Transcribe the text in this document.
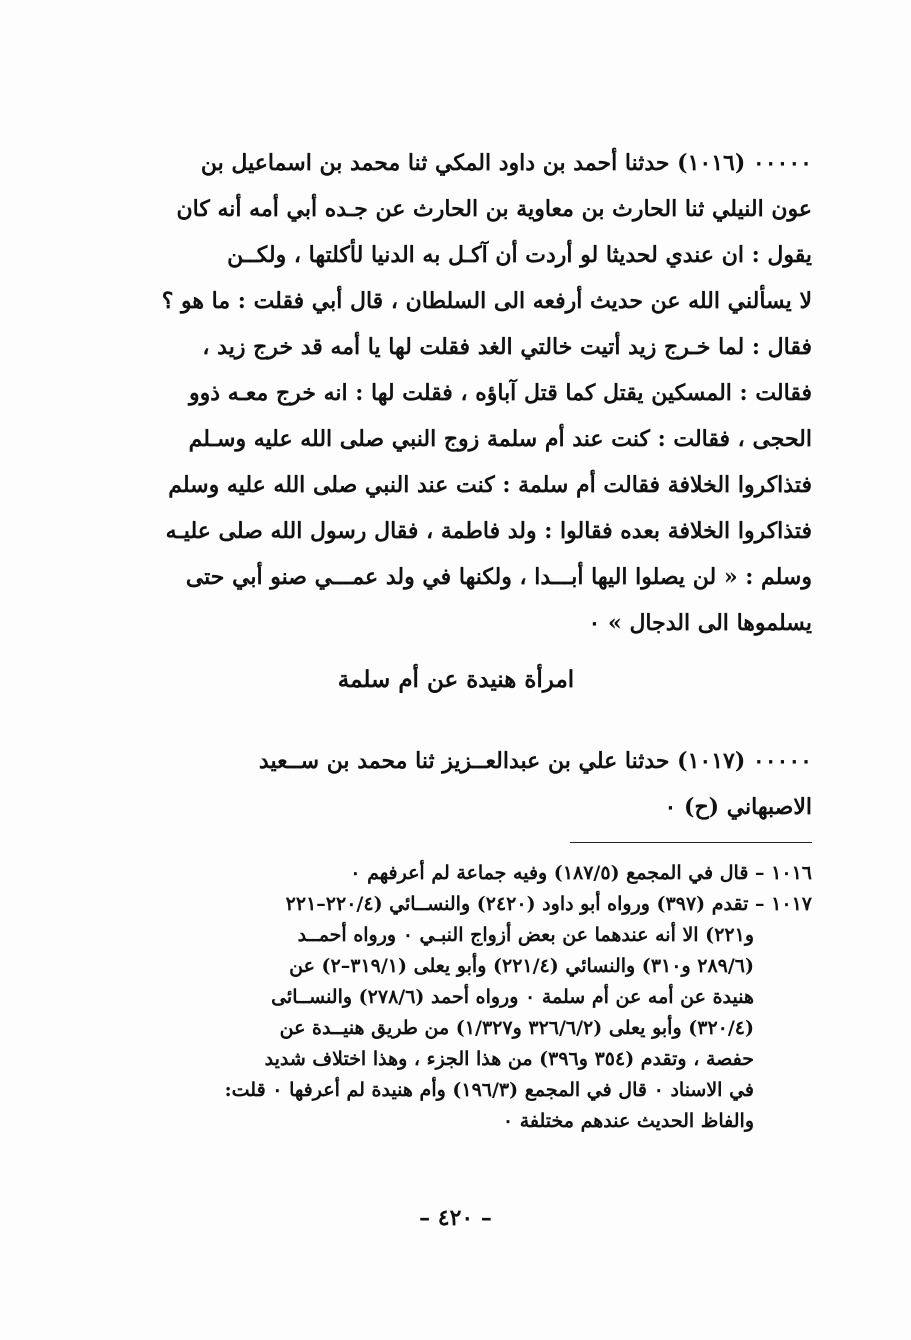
٠٠٠٠٠ (١٠١٦) حدثنا أحمد بن داود المكي ثنا محمد بن اسماعيل بن
عون النيلي ثنا الحارث بن معاوية بن الحارث عن جـده أبي أمه أنه كان
يقول : ان عندي لحديثا لو أردت أن آكـل به الدنيا لأكلتها ، ولكــن
لا يسألني الله عن حديث أرفعه الى السلطان ، قال أبي فقلت : ما هو ؟
فقال : لما خـرج زيد أتيت خالتي الغد فقلت لها يا أمه قد خرج زيد ،
فقالت : المسكين يقتل كما قتل آباؤه ، فقلت لها : انه خرج معـه ذوو
الحجى ، فقالت : كنت عند أم سلمة زوج النبي صلى الله عليه وسـلم
فتذاكروا الخلافة فقالت أم سلمة : كنت عند النبي صلى الله عليه وسلم
فتذاكروا الخلافة بعده فقالوا : ولد فاطمة ، فقال رسول الله صلى عليـه
وسلم : « لن يصلوا اليها أبـــدا ، ولكنها في ولد عمـــي صنو أبي حتى
يسلموها الى الدجال » ٠
امرأة هنيدة عن أم سلمة
٠٠٠٠٠ (١٠١٧) حدثنا علي بن عبدالعــزيز ثنا محمد بن ســعيد
الاصبهاني (ح) ٠
١٠١٦ – قال في المجمع (١٨٧/٥) وفيه جماعة لم أعرفهم ٠
١٠١٧ – تقدم (٣٩٧) ورواه أبو داود (٢٤٢٠) والنســائي (٢٢٠/٤–٢٢١
و٢٢١) الا أنه عندهما عن بعض أزواج النبـي ٠ ورواه أحمــد
(٢٨٩/٦ و٣١٠) والنسائي (٢٢١/٤) وأبو يعلى (٣١٩/١–٢) عن
هنيدة عن أمه عن أم سلمة ٠ ورواه أحمد (٢٧٨/٦) والنســائى
(٣٢٠/٤) وأبو يعلى (٣٢٦/٦/٢ و١/٣٢٧) من طريق هنيــدة عن
حفصة ، وتقدم (٣٥٤ و٣٩٦) من هذا الجزء ، وهذا اختلاف شديد
في الاسناد ٠ قال في المجمع (١٩٦/٣) وأم هنيدة لم أعرفها ٠ قلت:
والفاظ الحديث عندهم مختلفة ٠
– ٤٢٠ –
